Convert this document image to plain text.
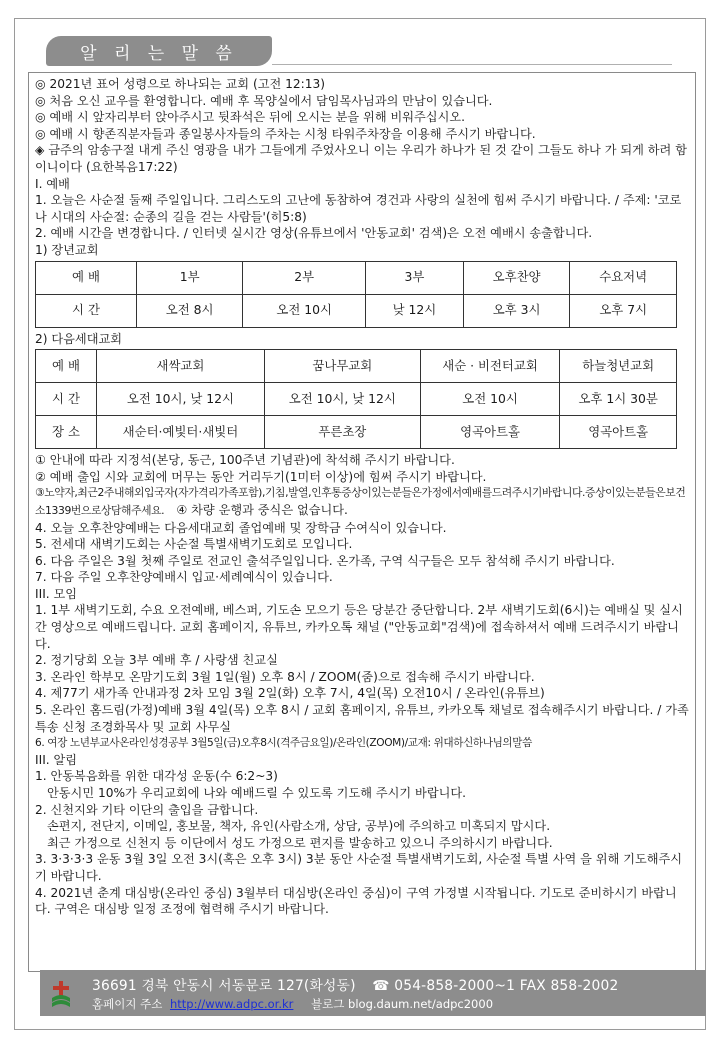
알 리 는 말 씀

◎ 2021년 표어 성령으로 하나되는 교회 (고전 12:13)

◎ 처음 오신 교우를 환영합니다. 예배 후 목양실에서 담임목사님과의 만남이 있습니다.

◎ 예배 시 앞자리부터 앉아주시고 뒷좌석은 뒤에 오시는 분을 위해 비워주십시오.

◎ 예배 시 향존직분자들과 종일봉사자들의 주차는 시청 타워주차장을 이용해 주시기 바랍니다.

◈ 금주의 암송구절 내게 주신 영광을 내가 그들에게 주었사오니 이는 우리가 하나가 된 것 같이 그들도 하나 가 되게 하려 함이니이다 (요한복음17:22)

I. 예배

1. 오늘은 사순절 둘째 주일입니다. 그리스도의 고난에 동참하여 경건과 사랑의 실천에 힘써 주시기 바랍니다. / 주제: '코로나 시대의 사순절: 순종의 길을 걷는 사람들'(히5:8)

2. 예배 시간을 변경합니다. / 인터넷 실시간 영상(유튜브에서 '안동교회' 검색)은 오전 예배시 송출합니다.

1) 장년교회

예 배	1부	2부	3부	오후찬양	수요저녁
시 간	오전 8시	오전 10시	낮 12시	오후 3시	오후 7시

2) 다음세대교회

예 배	새싹교회	꿈나무교회	새순 · 비전터교회	하늘청년교회
시 간	오전 10시, 낮 12시	오전 10시, 낮 12시	오전 10시	오후 1시 30분
장 소	새순터·예빛터·새빛터	푸른초장	영곡아트홀	영곡아트홀

① 안내에 따라 지정석(본당, 동근, 100주년 기념관)에 착석해 주시기 바랍니다.

② 예배 출입 시와 교회에 머무는 동안 거리두기(1미터 이상)에 힘써 주시기 바랍니다.

③노약자,최근2주내해외입국자(자가격리가족포함),기침,발열,인후통증상이있는분들은가정에서예배를드려주시기바랍니다.증상이있는분들은보건소1339번으로상담해주세요. ④ 차량 운행과 중식은 없습니다.

4. 오늘 오후찬양예배는 다음세대교회 졸업예배 및 장학금 수여식이 있습니다.

5. 전세대 새벽기도회는 사순절 특별새벽기도회로 모입니다.

6. 다음 주일은 3월 첫째 주일로 전교인 출석주일입니다. 온가족, 구역 식구들은 모두 참석해 주시기 바랍니다.

7. 다음 주일 오후찬양예배시 입교·세례예식이 있습니다.

III. 모임

1. 1부 새벽기도회, 수요 오전예배, 베스퍼, 기도손 모으기 등은 당분간 중단합니다. 2부 새벽기도회(6시)는 예배실 및 실시간 영상으로 예배드립니다. 교회 홈페이지, 유튜브, 카카오톡 채널 ("안동교회"검색)에 접속하셔서 예배 드려주시기 바랍니다.

2. 정기당회 오늘 3부 예배 후 / 사랑샘 친교실

3. 온라인 학부모 온맘기도회 3월 1일(월) 오후 8시 / ZOOM(줌)으로 접속해 주시기 바랍니다.

4. 제77기 새가족 안내과정 2차 모임 3월 2일(화) 오후 7시, 4일(목) 오전10시 / 온라인(유튜브)

5. 온라인 홈드림(가정)예배 3월 4일(목) 오후 8시 / 교회 홈페이지, 유튜브, 카카오톡 채널로 접속해주시기 바랍니다. / 가족 특송 신청 조경화목사 및 교회 사무실

6. 여장 노년부교사온라인성경공부 3월5일(금)오후8시(격주금요일)/온라인(ZOOM)/교재: 위대하신하나님의말씀

III. 알림

1. 안동복음화를 위한 대각성 운동(수 6:2~3)

안동시민 10%가 우리교회에 나와 예배드릴 수 있도록 기도해 주시기 바랍니다.

2. 신천지와 기타 이단의 출입을 금합니다.

손편지, 전단지, 이메일, 홍보물, 책자, 유인(사람소개, 상담, 공부)에 주의하고 미혹되지 맙시다.

최근 가정으로 신천지 등 이단에서 성도 가정으로 편지를 발송하고 있으니 주의하시기 바랍니다.

3. 3·3·3·3 운동 3월 3일 오전 3시(혹은 오후 3시) 3분 동안 사순절 특별새벽기도회, 사순절 특별 사역 을 위해 기도해주시기 바랍니다.

4. 2021년 춘계 대심방(온라인 중심) 3월부터 대심방(온라인 중심)이 구역 가정별 시작됩니다. 기도로 준비하시기 바랍니다. 구역은 대심방 일정 조정에 협력해 주시기 바랍니다.

36691 경북 안동시 서동문로 127(화성동) ☎ 054-858-2000~1 FAX 858-2002
홈페이지 주소 http://www.adpc.or.kr 블로그 blog.daum.net/adpc2000
